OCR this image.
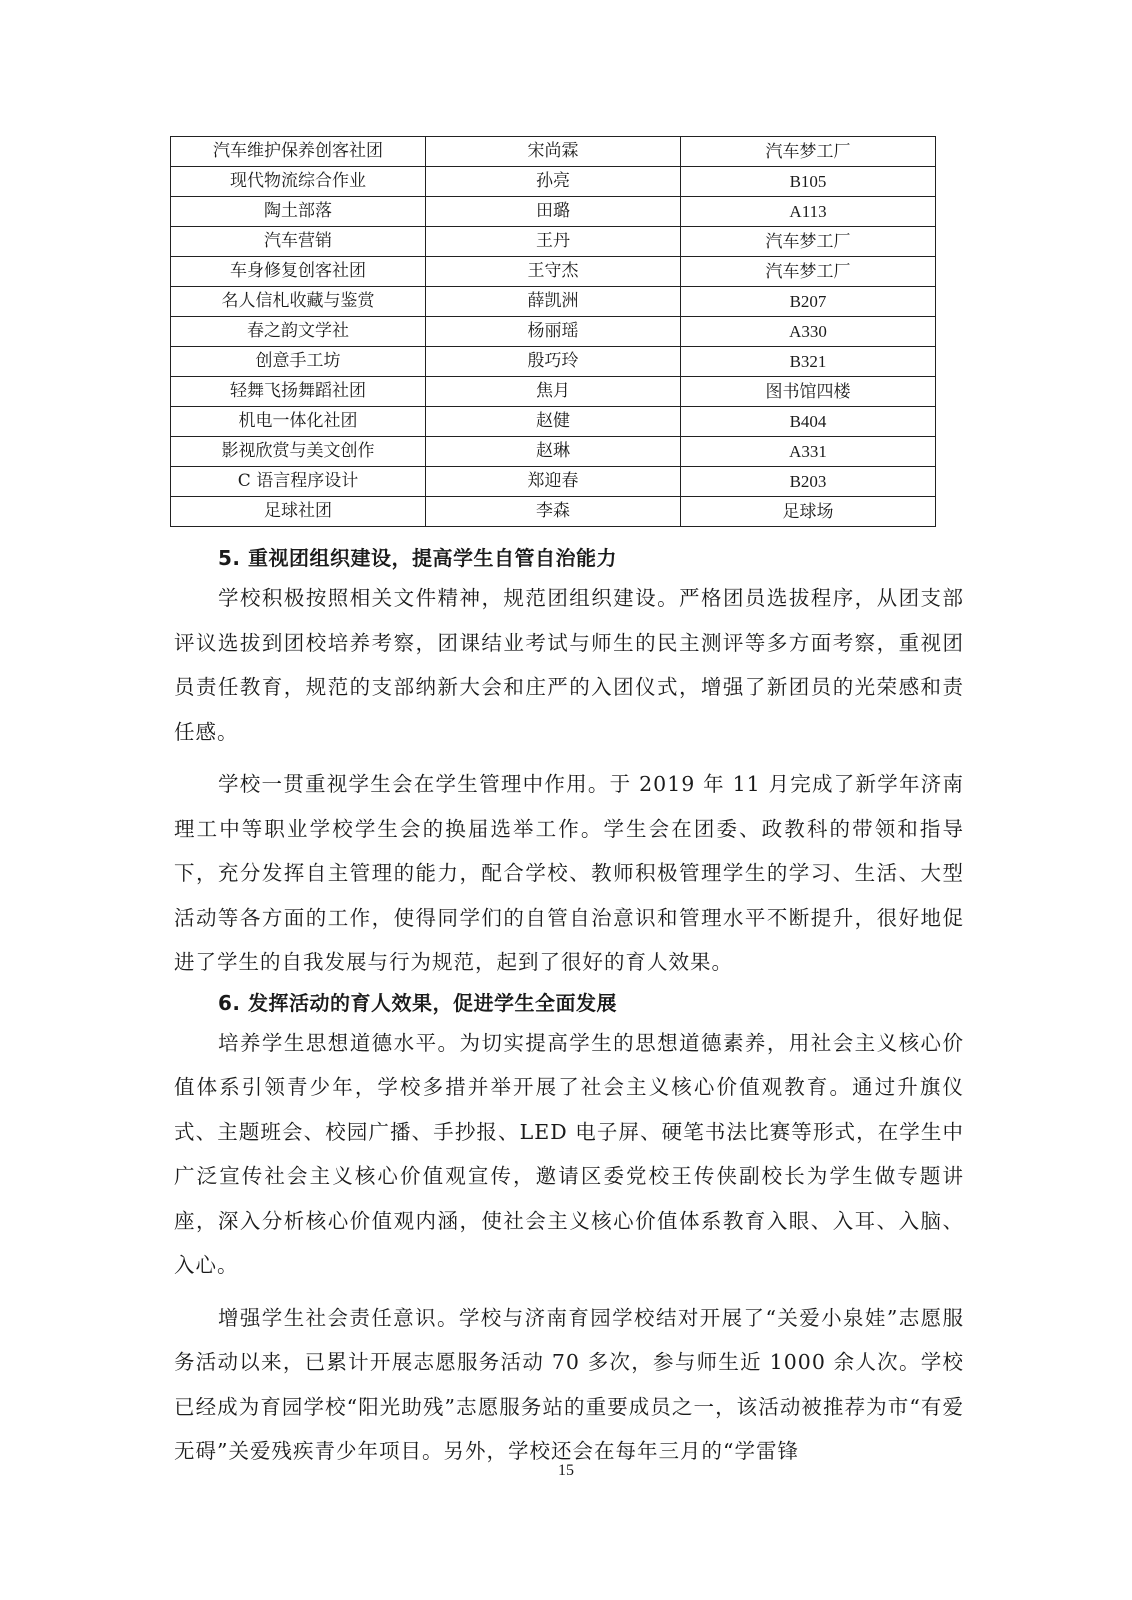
汽车维护保养创客社团	宋尚霖	汽车梦工厂
现代物流综合作业	孙亮	B105
陶土部落	田璐	A113
汽车营销	王丹	汽车梦工厂
车身修复创客社团	王守杰	汽车梦工厂
名人信札收藏与鉴赏	薛凯洲	B207
春之韵文学社	杨丽瑶	A330
创意手工坊	殷巧玲	B321
轻舞飞扬舞蹈社团	焦月	图书馆四楼
机电一体化社团	赵健	B404
影视欣赏与美文创作	赵琳	A331
C 语言程序设计	郑迎春	B203
足球社团	李森	足球场

5. 重视团组织建设，提高学生自管自治能力

学校积极按照相关文件精神，规范团组织建设。严格团员选拔程序，从团支部评议选拔到团校培养考察，团课结业考试与师生的民主测评等多方面考察，重视团员责任教育，规范的支部纳新大会和庄严的入团仪式，增强了新团员的光荣感和责任感。

学校一贯重视学生会在学生管理中作用。于 2019 年 11 月完成了新学年济南理工中等职业学校学生会的换届选举工作。学生会在团委、政教科的带领和指导下，充分发挥自主管理的能力，配合学校、教师积极管理学生的学习、生活、大型活动等各方面的工作，使得同学们的自管自治意识和管理水平不断提升，很好地促进了学生的自我发展与行为规范，起到了很好的育人效果。

6. 发挥活动的育人效果，促进学生全面发展

培养学生思想道德水平。为切实提高学生的思想道德素养，用社会主义核心价值体系引领青少年，学校多措并举开展了社会主义核心价值观教育。通过升旗仪式、主题班会、校园广播、手抄报、LED 电子屏、硬笔书法比赛等形式，在学生中广泛宣传社会主义核心价值观宣传，邀请区委党校王传侠副校长为学生做专题讲座，深入分析核心价值观内涵，使社会主义核心价值体系教育入眼、入耳、入脑、入心。

增强学生社会责任意识。学校与济南育园学校结对开展了“关爱小泉娃”志愿服务活动以来，已累计开展志愿服务活动 70 多次，参与师生近 1000 余人次。学校已经成为育园学校“阳光助残”志愿服务站的重要成员之一，该活动被推荐为市“有爱无碍”关爱残疾青少年项目。另外，学校还会在每年三月的“学雷锋

15
